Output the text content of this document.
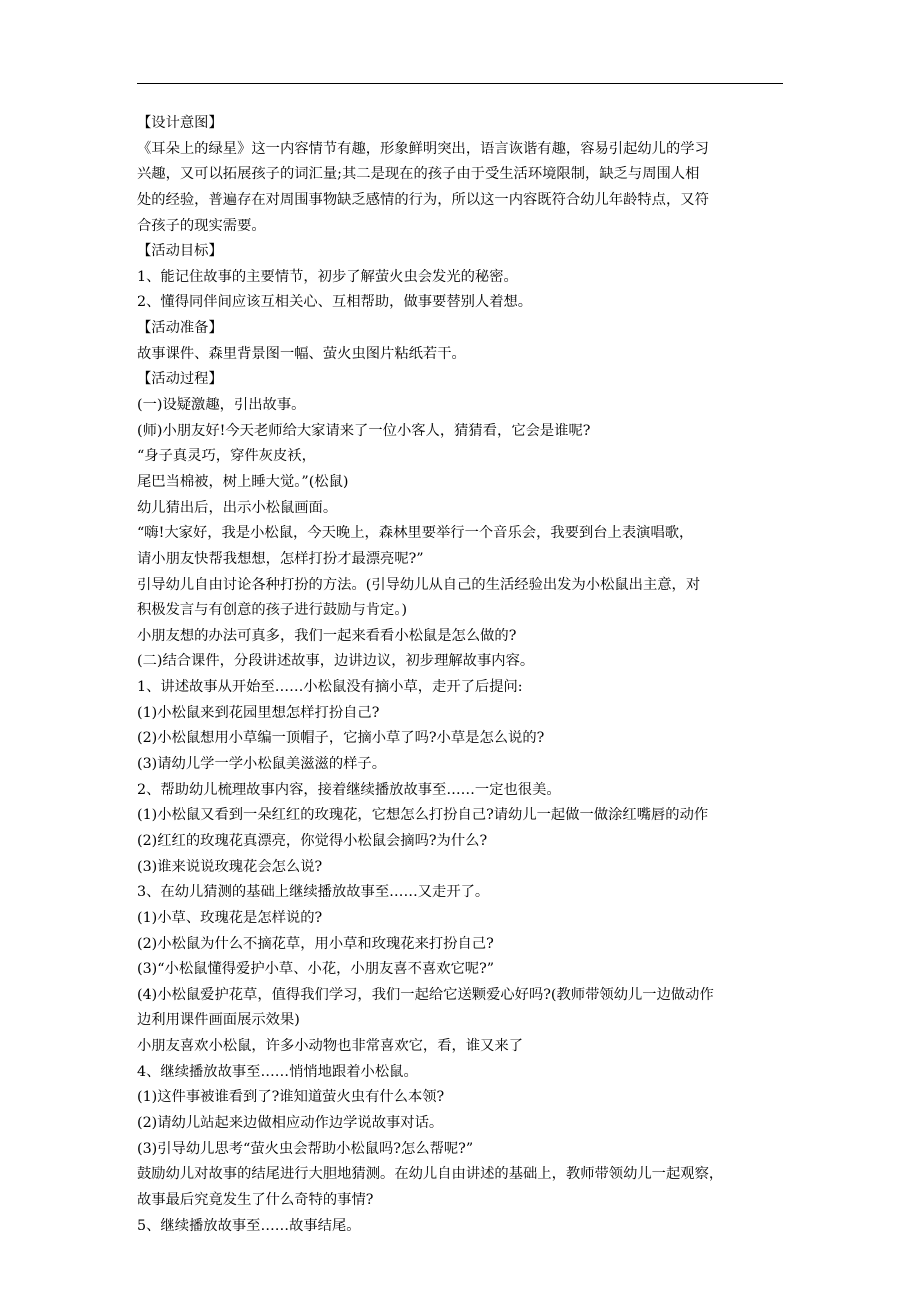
【设计意图】
《耳朵上的绿星》这一内容情节有趣，形象鲜明突出，语言诙谐有趣，容易引起幼儿的学习
兴趣，又可以拓展孩子的词汇量;其二是现在的孩子由于受生活环境限制，缺乏与周围人相
处的经验，普遍存在对周围事物缺乏感情的行为，所以这一内容既符合幼儿年龄特点，又符
合孩子的现实需要。
【活动目标】
1、能记住故事的主要情节，初步了解萤火虫会发光的秘密。
2、懂得同伴间应该互相关心、互相帮助，做事要替别人着想。
【活动准备】
故事课件、森里背景图一幅、萤火虫图片粘纸若干。
【活动过程】
(一)设疑激趣，引出故事。
(师)小朋友好!今天老师给大家请来了一位小客人，猜猜看，它会是谁呢?
“身子真灵巧，穿件灰皮袄，
尾巴当棉被，树上睡大觉。”(松鼠)
幼儿猜出后，出示小松鼠画面。
“嗨!大家好，我是小松鼠，今天晚上，森林里要举行一个音乐会，我要到台上表演唱歌，
请小朋友快帮我想想，怎样打扮才最漂亮呢?”
引导幼儿自由讨论各种打扮的方法。(引导幼儿从自己的生活经验出发为小松鼠出主意，对
积极发言与有创意的孩子进行鼓励与肯定。)
小朋友想的办法可真多，我们一起来看看小松鼠是怎么做的?
(二)结合课件，分段讲述故事，边讲边议，初步理解故事内容。
1、讲述故事从开始至……小松鼠没有摘小草，走开了后提问:
(1)小松鼠来到花园里想怎样打扮自己?
(2)小松鼠想用小草编一顶帽子，它摘小草了吗?小草是怎么说的?
(3)请幼儿学一学小松鼠美滋滋的样子。
2、帮助幼儿梳理故事内容，接着继续播放故事至……一定也很美。
(1)小松鼠又看到一朵红红的玫瑰花，它想怎么打扮自己?请幼儿一起做一做涂红嘴唇的动作
(2)红红的玫瑰花真漂亮，你觉得小松鼠会摘吗?为什么?
(3)谁来说说玫瑰花会怎么说?
3、在幼儿猜测的基础上继续播放故事至……又走开了。
(1)小草、玫瑰花是怎样说的?
(2)小松鼠为什么不摘花草，用小草和玫瑰花来打扮自己?
(3)“小松鼠懂得爱护小草、小花，小朋友喜不喜欢它呢?”
(4)小松鼠爱护花草，值得我们学习，我们一起给它送颗爱心好吗?(教师带领幼儿一边做动作
边利用课件画面展示效果)
小朋友喜欢小松鼠，许多小动物也非常喜欢它，看，谁又来了
4、继续播放故事至……悄悄地跟着小松鼠。
(1)这件事被谁看到了?谁知道萤火虫有什么本领?
(2)请幼儿站起来边做相应动作边学说故事对话。
(3)引导幼儿思考“萤火虫会帮助小松鼠吗?怎么帮呢?”
鼓励幼儿对故事的结尾进行大胆地猜测。在幼儿自由讲述的基础上，教师带领幼儿一起观察，
故事最后究竟发生了什么奇特的事情?
5、继续播放故事至……故事结尾。
